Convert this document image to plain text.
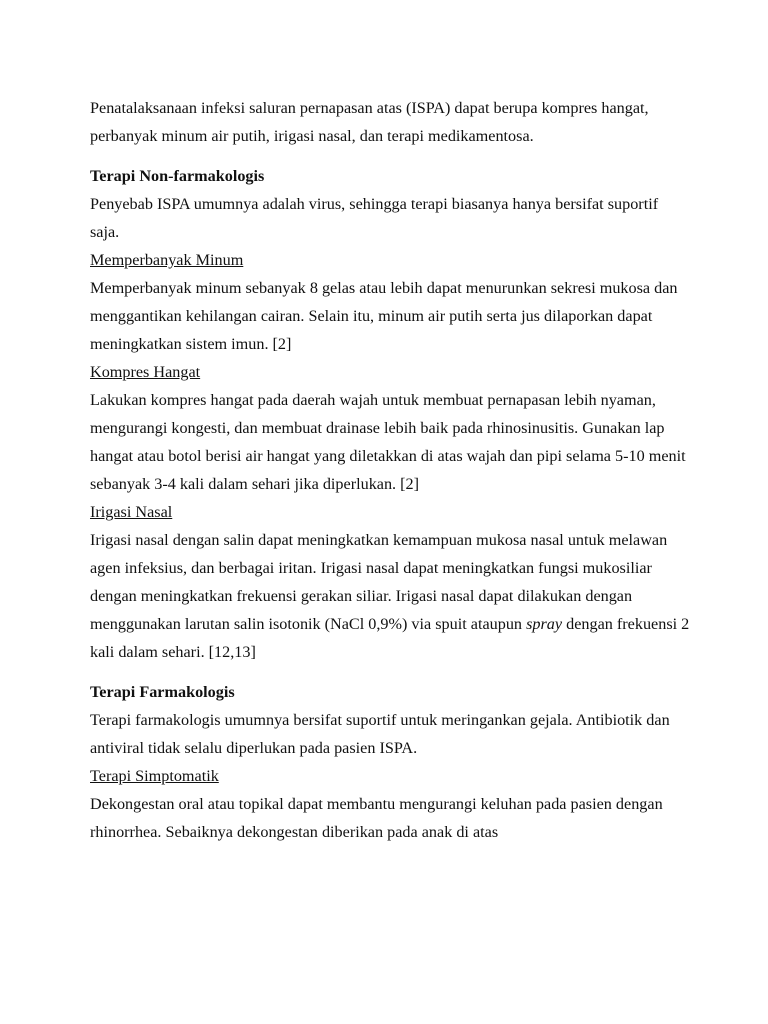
Penatalaksanaan infeksi saluran pernapasan atas (ISPA) dapat berupa kompres hangat, perbanyak minum air putih, irigasi nasal, dan terapi medikamentosa.

Terapi Non-farmakologis

Penyebab ISPA umumnya adalah virus, sehingga terapi biasanya hanya bersifat suportif saja.

Memperbanyak Minum

Memperbanyak minum sebanyak 8 gelas atau lebih dapat menurunkan sekresi mukosa dan menggantikan kehilangan cairan. Selain itu, minum air putih serta jus dilaporkan dapat meningkatkan sistem imun. [2]

Kompres Hangat

Lakukan kompres hangat pada daerah wajah untuk membuat pernapasan lebih nyaman, mengurangi kongesti, dan membuat drainase lebih baik pada rhinosinusitis. Gunakan lap hangat atau botol berisi air hangat yang diletakkan di atas wajah dan pipi selama 5-10 menit sebanyak 3-4 kali dalam sehari jika diperlukan. [2]

Irigasi Nasal

Irigasi nasal dengan salin dapat meningkatkan kemampuan mukosa nasal untuk melawan agen infeksius, dan berbagai iritan. Irigasi nasal dapat meningkatkan fungsi mukosiliar dengan meningkatkan frekuensi gerakan siliar. Irigasi nasal dapat dilakukan dengan menggunakan larutan salin isotonik (NaCl 0,9%) via spuit ataupun spray dengan frekuensi 2 kali dalam sehari. [12,13]

Terapi Farmakologis

Terapi farmakologis umumnya bersifat suportif untuk meringankan gejala. Antibiotik dan antiviral tidak selalu diperlukan pada pasien ISPA.

Terapi Simptomatik

Dekongestan oral atau topikal dapat membantu mengurangi keluhan pada pasien dengan rhinorrhea. Sebaiknya dekongestan diberikan pada anak di atas
